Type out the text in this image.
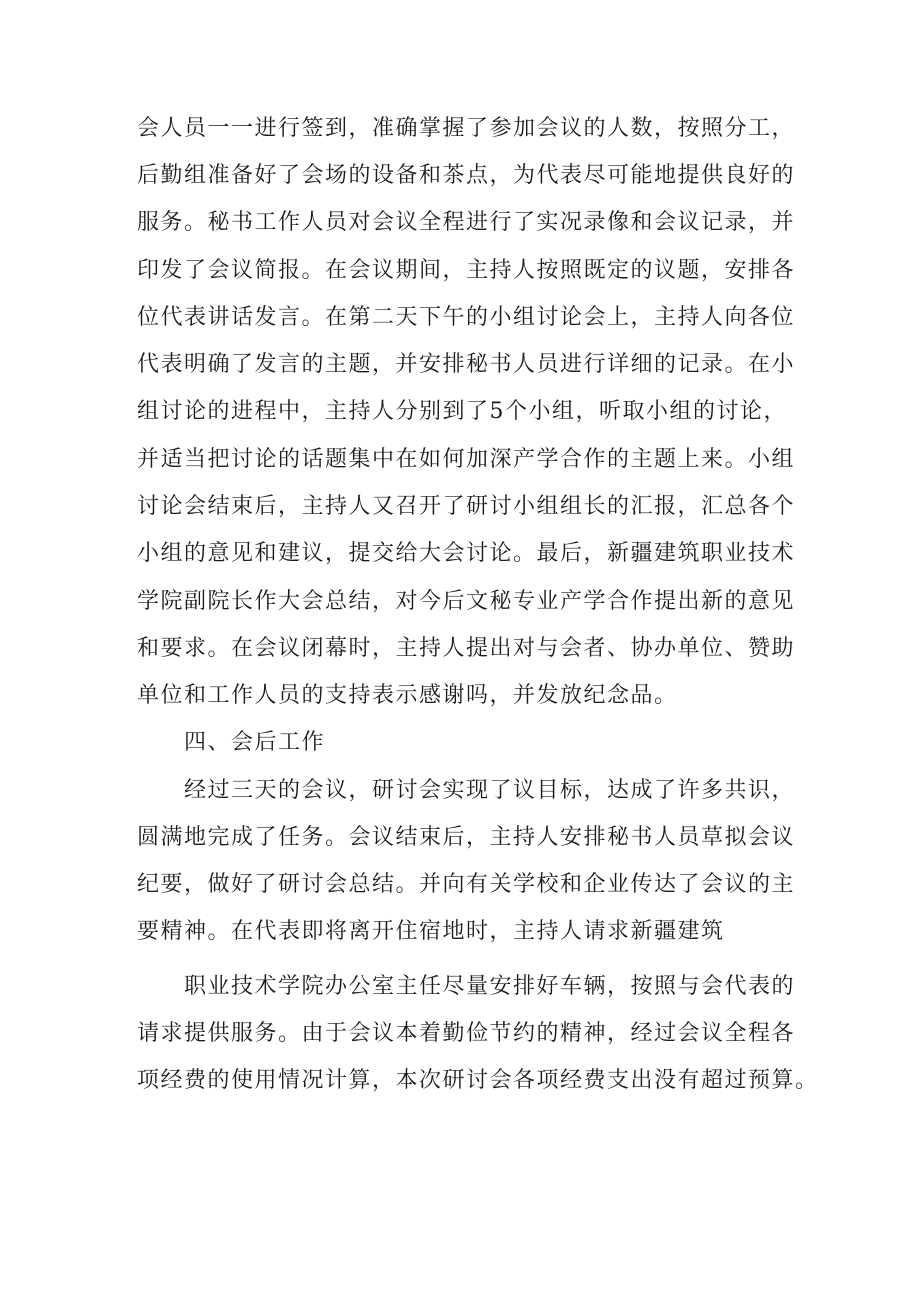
会人员一一进行签到，准确掌握了参加会议的人数，按照分工，
后勤组准备好了会场的设备和茶点，为代表尽可能地提供良好的
服务。秘书工作人员对会议全程进行了实况录像和会议记录，并
印发了会议简报。在会议期间，主持人按照既定的议题，安排各
位代表讲话发言。在第二天下午的小组讨论会上，主持人向各位
代表明确了发言的主题，并安排秘书人员进行详细的记录。在小
组讨论的进程中，主持人分别到了5个小组，听取小组的讨论，
并适当把讨论的话题集中在如何加深产学合作的主题上来。小组
讨论会结束后，主持人又召开了研讨小组组长的汇报，汇总各个
小组的意见和建议，提交给大会讨论。最后，新疆建筑职业技术
学院副院长作大会总结，对今后文秘专业产学合作提出新的意见
和要求。在会议闭幕时，主持人提出对与会者、协办单位、赞助
单位和工作人员的支持表示感谢吗，并发放纪念品。
四、会后工作
经过三天的会议，研讨会实现了议目标，达成了许多共识，
圆满地完成了任务。会议结束后，主持人安排秘书人员草拟会议
纪要，做好了研讨会总结。并向有关学校和企业传达了会议的主
要精神。在代表即将离开住宿地时，主持人请求新疆建筑
职业技术学院办公室主任尽量安排好车辆，按照与会代表的
请求提供服务。由于会议本着勤俭节约的精神，经过会议全程各
项经费的使用情况计算，本次研讨会各项经费支出没有超过预算。
